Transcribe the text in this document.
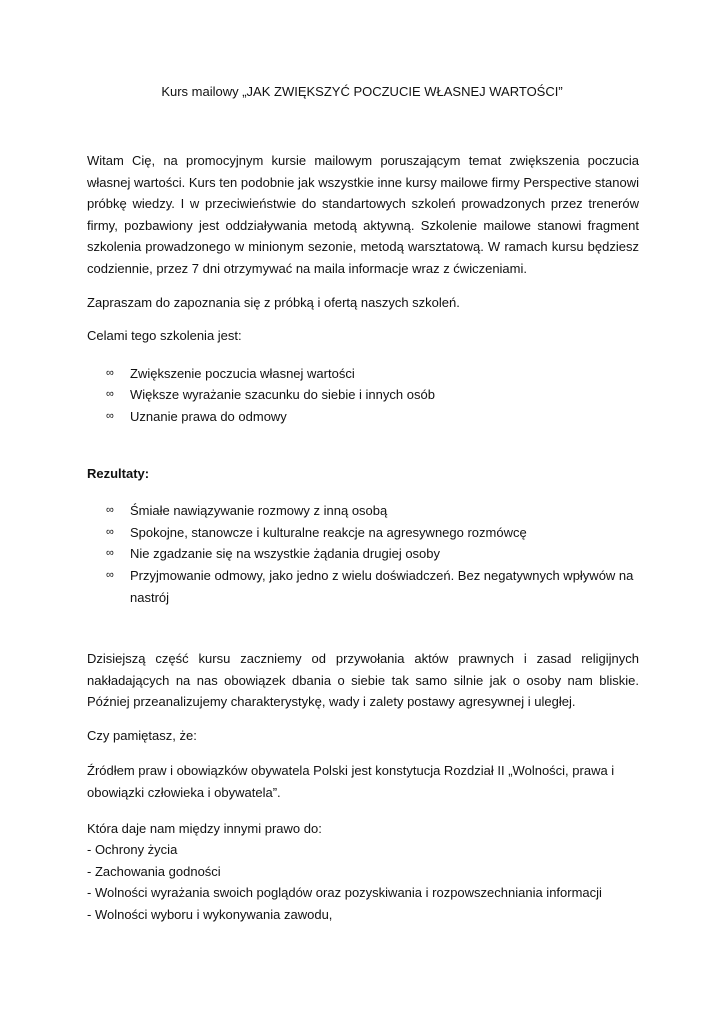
Kurs mailowy „JAK ZWIĘKSZYĆ POCZUCIE WŁASNEJ WARTOŚCI”

Witam Cię, na promocyjnym kursie mailowym poruszającym temat zwiększenia poczucia własnej wartości. Kurs ten podobnie jak wszystkie inne kursy mailowe firmy Perspective stanowi próbkę wiedzy. I w przeciwieństwie do standartowych szkoleń prowadzonych przez trenerów firmy, pozbawiony jest oddziaływania metodą aktywną. Szkolenie mailowe stanowi fragment szkolenia prowadzonego w minionym sezonie, metodą warsztatową. W ramach kursu będziesz codziennie, przez 7 dni otrzymywać na maila informacje wraz z ćwiczeniami.

Zapraszam do zapoznania się z próbką i ofertą naszych szkoleń.

Celami tego szkolenia jest:

∞	Zwiększenie poczucia własnej wartości
∞	Większe wyrażanie szacunku do siebie i innych osób
∞	Uznanie prawa do odmowy

Rezultaty:

∞	Śmiałe nawiązywanie rozmowy z inną osobą
∞	Spokojne, stanowcze i kulturalne reakcje na agresywnego rozmówcę
∞	Nie zgadzanie się na wszystkie żądania drugiej osoby
∞	Przyjmowanie odmowy, jako jedno z wielu doświadczeń. Bez negatywnych wpływów na nastrój

Dzisiejszą część kursu zaczniemy od przywołania aktów prawnych i zasad religijnych nakładających na nas obowiązek dbania o siebie tak samo silnie jak o osoby nam bliskie. Później przeanalizujemy charakterystykę, wady i zalety postawy agresywnej i uległej.

Czy pamiętasz, że:

Źródłem praw i obowiązków obywatela Polski jest konstytucja Rozdział II „Wolności, prawa i obowiązki człowieka i obywatela”.

Która daje nam między innymi prawo do:

- Ochrony życia
- Zachowania godności
- Wolności wyrażania swoich poglądów oraz pozyskiwania i rozpowszechniania informacji
- Wolności wyboru i wykonywania zawodu,
